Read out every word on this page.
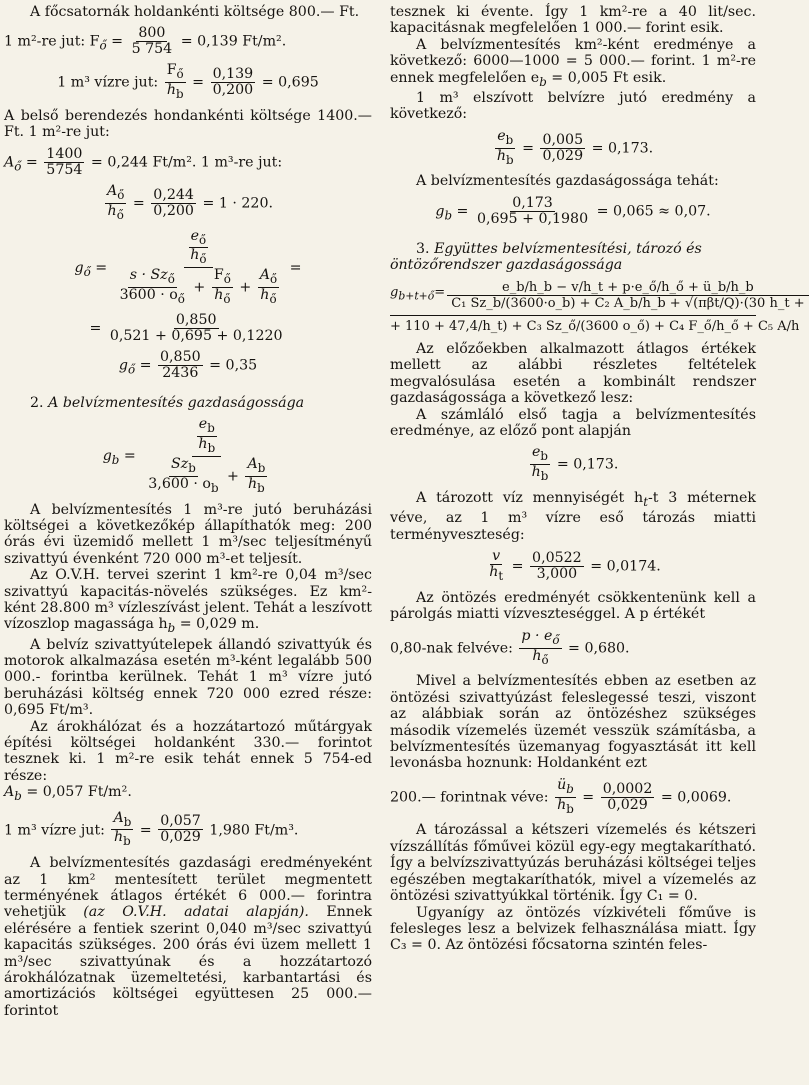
A főcsatornák holdankénti költsége 800.— Ft.

1 m²-re jut: $F_ő = \frac{800}{5 754} = 0,139$ Ft/m².
1 m³ vízre jut: $\frac{F_ő}{h_b} = \frac{0,139}{0,200} = 0,695$

A belső berendezés hondankénti költsége 1400.— Ft. 1 m²-re jut:

$A_ő = \frac{1400}{5754} = 0,244$ Ft/m². 1 m³-re jut:
$\frac{A_ő}{h_ő} = \frac{0,244}{0,200} = 1 \cdot 220$.
$g_ő = \frac{\frac{e_ő}{h_ő}}{\frac{s \cdot Sz_ő}{3600 \cdot o_ő} + \frac{F_ő}{h_ő} + \frac{A_ő}{h_ő}}$ =
= $\frac{0,850}{0,521 + 0,695 + 0,1220}$
$g_ő = \frac{0,850}{2436} = 0,35$

2. A belvízmentesítés gazdaságossága

$g_b = \frac{\frac{e_b}{h_b}}{\frac{Sz_b}{3,600 \cdot o_b} + \frac{A_b}{h_b}}$

A belvízmentesítés 1 m³-re jutó beruházási költségei a következőkép állapíthatók meg: 200 órás évi üzemidő mellett 1 m³/sec teljesítményű szivattyú évenként 720 000 m³-et teljesít.

Az O.V.H. tervei szerint 1 km²-re 0,04 m³/sec szivattyú kapacitás-növelés szükséges. Ez km²-ként 28.800 m³ vízleszívást jelent. Tehát a leszívott vízoszlop magassága $h_b = 0,029$ m.

A belvíz szivattyútelepek állandó szivattyúk és motorok alkalmazása esetén m³-ként legalább 500 000.- forintba kerülnek. Tehát 1 m³ vízre jutó beruházási költség ennek 720 000 ezred része: 0,695 Ft/m³.

Az árokhálózat és a hozzátartozó műtárgyak építési költségei holdanként 330.— forintot tesznek ki. 1 m²-re esik tehát ennek 5 754-ed része:
$A_b = 0,057$ Ft/m².

1 m³ vízre jut: $\frac{A_b}{h_b} = \frac{0,057}{0,029} 1,980$ Ft/m³.

A belvízmentesítés gazdasági eredményeként az 1 km² mentesített terület megmentett terményének átlagos értékét 6 000.— forintra vehetjük (az O.V.H. adatai alapján). Ennek elérésére a fentiek szerint 0,040 m³/sec szivattyú kapacitás szükséges. 200 órás évi üzem mellett 1 m³/sec szivattyúnak és a hozzátartozó árokhálózatnak üzemeltetési, karbantartási és amortizációs költségei együttesen 25 000.— forintot

tesznek ki évente. Így 1 km²-re a 40 lit/sec. kapacitásnak megfelelően 1 000.— forint esik.

A belvízmentesítés km²-ként eredménye a következő: 6000—1000 = 5 000.— forint. 1 m²-re ennek megfelelően $e_b = 0,005$ Ft esik.

1 m³ elszívott belvízre jutó eredmény a következő:

$\frac{e_b}{h_b} = \frac{0,005}{0,029} = 0,173$.

A belvízmentesítés gazdaságossága tehát:

$g_b = \frac{0,173}{0,695 + 0,1980} = 0,065 \approx 0,07$.

3. Együttes belvízmentesítési, tározó és öntözőrendszer gazdaságossága

$g_{b+t+ő}= \frac{e\_b/h\_b - v/h\_t + p\cdot e\_ő/h\_ő + ü\_b/h\_b}{\text{C₁ Sz\_b/(3600·o\_b) + C₂ A\_b/h\_b + √(πβt/Q)·(30 h\_t +}}$
+ 110 + 47,4/h_t) + C₃ Sz_ő/(3600 o_ő) + C₄ F_ő/h_ő + C₅ A/h

Az előzőekben alkalmazott átlagos értékek mellett az alábbi részletes feltételek megvalósulása esetén a kombinált rendszer gazdaságossága a következő lesz:

A számláló első tagja a belvízmentesítés eredménye, az előző pont alapján

$\frac{e_b}{h_b} = 0,173$.

A tározott víz mennyiségét $h_t-t$ 3 méternek véve, az 1 m³ vízre eső tározás miatti terményveszteség:

$\frac{v}{h_t} = \frac{0,0522}{3,000} = 0,0174$.

Az öntözés eredményét csökkentenünk kell a párolgás miatti vízveszteséggel. A p értékét

0,80-nak felvéve: $\frac{p \cdot e_ő}{h_ő} = 0,680$.

Mivel a belvízmentesítés ebben az esetben az öntözési szivattyúzást feleslegessé teszi, viszont az alábbiak során az öntözéshez szükséges második vízemelés üzemét vesszük számításba, a belvízmentesítés üzemanyag fogyasztását itt kell levonásba hoznunk: Holdanként ezt

200.— forintnak véve: $\frac{ü_b}{h_b} = \frac{0,0002}{0,029} = 0,0069$.

A tározással a kétszeri vízemelés és kétszeri vízszállítás főművei közül egy-egy megtakarítható. Így a belvízszivattyúzás beruházási költségei teljes egészében megtakaríthatók, mivel a vízemelés az öntözési szivattyúkkal történik. Így C₁ = 0.

Ugyanígy az öntözés vízkivételi főműve is felesleges lesz a belvizek felhasználása miatt. Így C₃ = 0. Az öntözési főcsatorna szintén feles-
